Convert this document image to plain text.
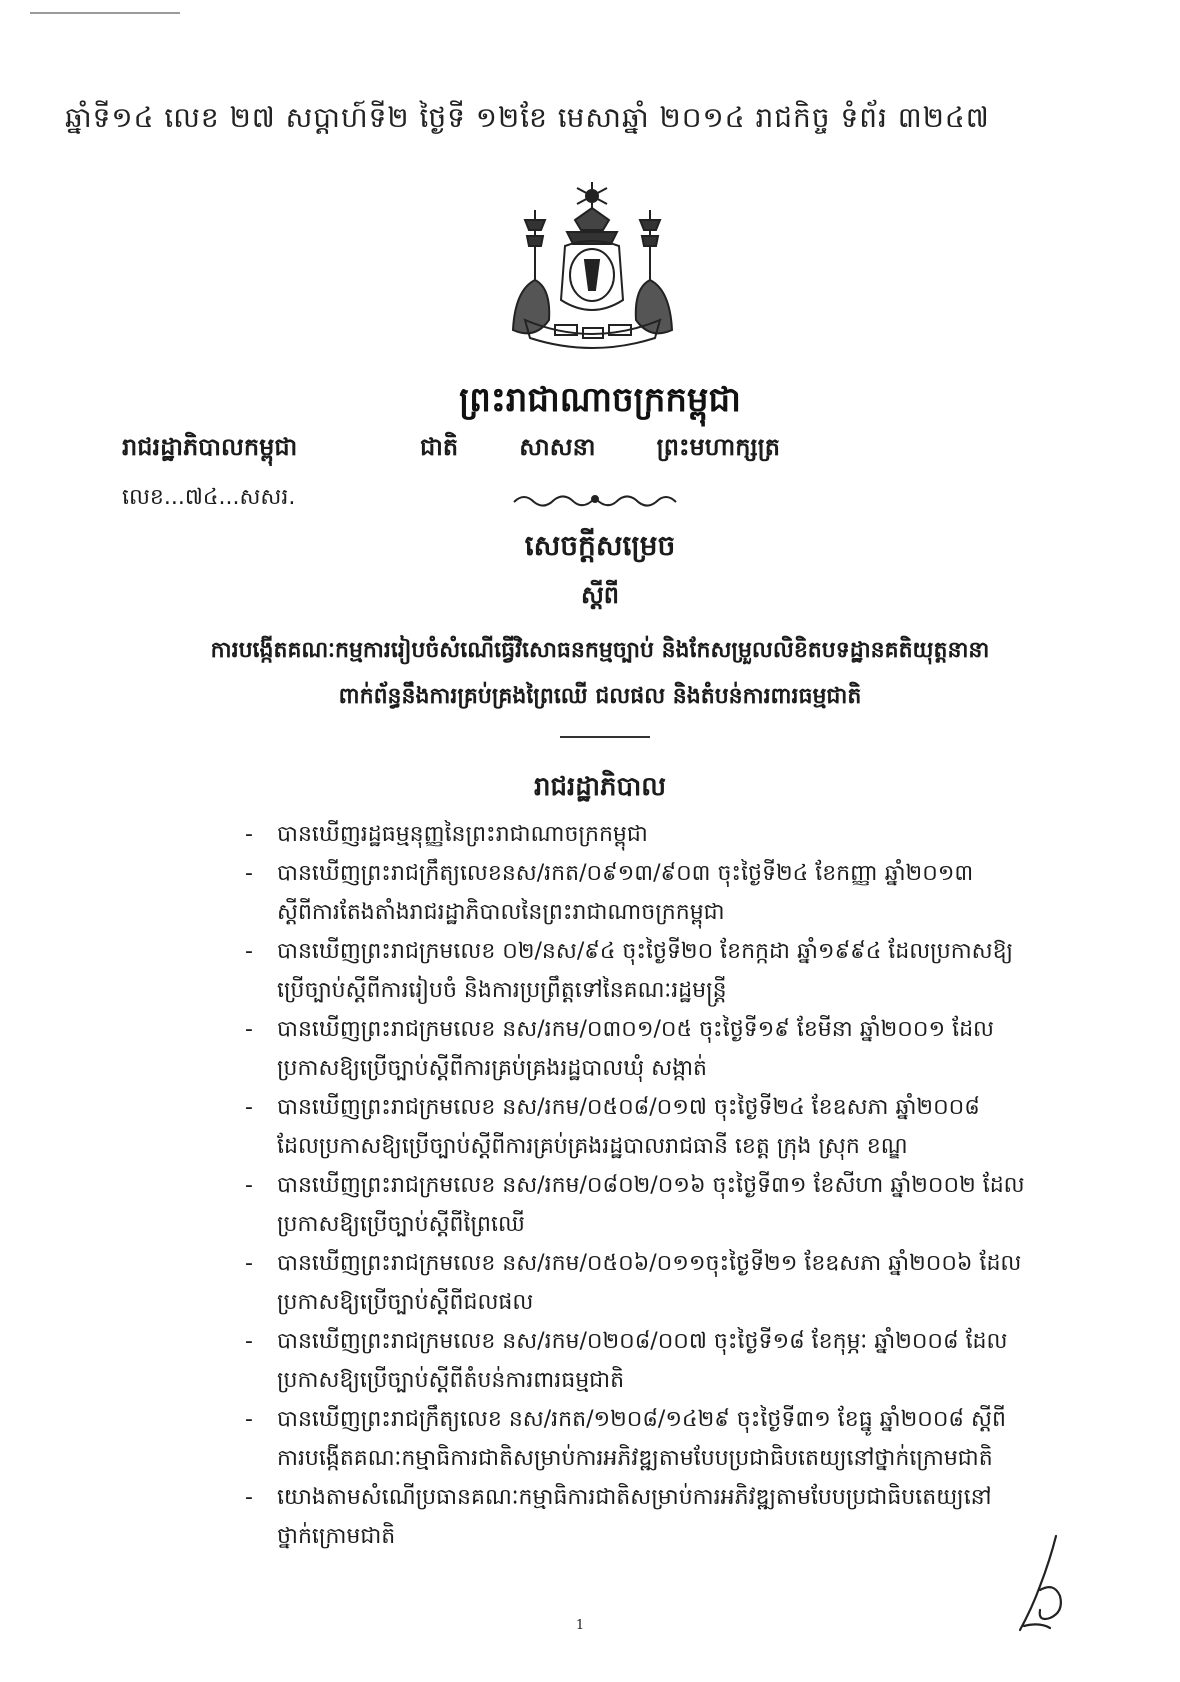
ឆ្នាំទី១៤ លេខ ២៧ សប្តាហ៍ទី២ ថ្ងៃទី ១២ខែ មេសាឆ្នាំ ២០១៤ រាជកិច្ច ទំព័រ ៣២៤៧
ព្រះរាជាណាចក្រកម្ពុជា
រាជរដ្ឋាភិបាលកម្ពុជា
លេខ...៧៤...សសរ.
ជាតិ	សាសនា	ព្រះមហាក្សត្រ
សេចក្តីសម្រេច
ស្តីពី
ការបង្កើតគណៈកម្មការរៀបចំសំណើធ្វើវិសោធនកម្មច្បាប់ និងកែសម្រួលលិខិតបទដ្ឋានគតិយុត្តនានា
ពាក់ព័ន្ធនឹងការគ្រប់គ្រងព្រៃឈើ ជលផល និងតំបន់ការពារធម្មជាតិ
រាជរដ្ឋាភិបាល
- បានឃើញរដ្ឋធម្មនុញ្ញនៃព្រះរាជាណាចក្រកម្ពុជា
- បានឃើញព្រះរាជក្រឹត្យលេខនស/រកត/០៩១៣/៩០៣ ចុះថ្ងៃទី២៤ ខែកញ្ញា ឆ្នាំ២០១៣
ស្តីពីការតែងតាំងរាជរដ្ឋាភិបាលនៃព្រះរាជាណាចក្រកម្ពុជា
- បានឃើញព្រះរាជក្រមលេខ ០២/នស/៩៤ ចុះថ្ងៃទី២០ ខែកក្កដា ឆ្នាំ១៩៩៤ ដែលប្រកាសឱ្យ
ប្រើច្បាប់ស្តីពីការរៀបចំ និងការប្រព្រឹត្តទៅនៃគណៈរដ្ឋមន្ត្រី
- បានឃើញព្រះរាជក្រមលេខ នស/រកម/០៣០១/០៥ ចុះថ្ងៃទី១៩ ខែមីនា ឆ្នាំ២០០១ ដែល
ប្រកាសឱ្យប្រើច្បាប់ស្តីពីការគ្រប់គ្រងរដ្ឋបាលឃុំ សង្កាត់
- បានឃើញព្រះរាជក្រមលេខ នស/រកម/០៥០៨/០១៧ ចុះថ្ងៃទី២៤ ខែឧសភា ឆ្នាំ២០០៨
ដែលប្រកាសឱ្យប្រើច្បាប់ស្តីពីការគ្រប់គ្រងរដ្ឋបាលរាជធានី ខេត្ត ក្រុង ស្រុក ខណ្ឌ
- បានឃើញព្រះរាជក្រមលេខ នស/រកម/០៨០២/០១៦ ចុះថ្ងៃទី៣១ ខែសីហា ឆ្នាំ២០០២ ដែល
ប្រកាសឱ្យប្រើច្បាប់ស្តីពីព្រៃឈើ
- បានឃើញព្រះរាជក្រមលេខ នស/រកម/០៥០៦/០១១ចុះថ្ងៃទី២១ ខែឧសភា ឆ្នាំ២០០៦ ដែល
ប្រកាសឱ្យប្រើច្បាប់ស្តីពីជលផល
- បានឃើញព្រះរាជក្រមលេខ នស/រកម/០២០៨/០០៧ ចុះថ្ងៃទី១៨ ខែកុម្ភៈ ឆ្នាំ២០០៨ ដែល
ប្រកាសឱ្យប្រើច្បាប់ស្តីពីតំបន់ការពារធម្មជាតិ
- បានឃើញព្រះរាជក្រឹត្យលេខ នស/រកត/១២០៨/១៤២៩ ចុះថ្ងៃទី៣១ ខែធ្នូ ឆ្នាំ២០០៨ ស្តីពី
ការបង្កើតគណៈកម្មាធិការជាតិសម្រាប់ការអភិវឌ្ឍតាមបែបប្រជាធិបតេយ្យនៅថ្នាក់ក្រោមជាតិ
- យោងតាមសំណើប្រធានគណៈកម្មាធិការជាតិសម្រាប់ការអភិវឌ្ឍតាមបែបប្រជាធិបតេយ្យនៅ
ថ្នាក់ក្រោមជាតិ
1
